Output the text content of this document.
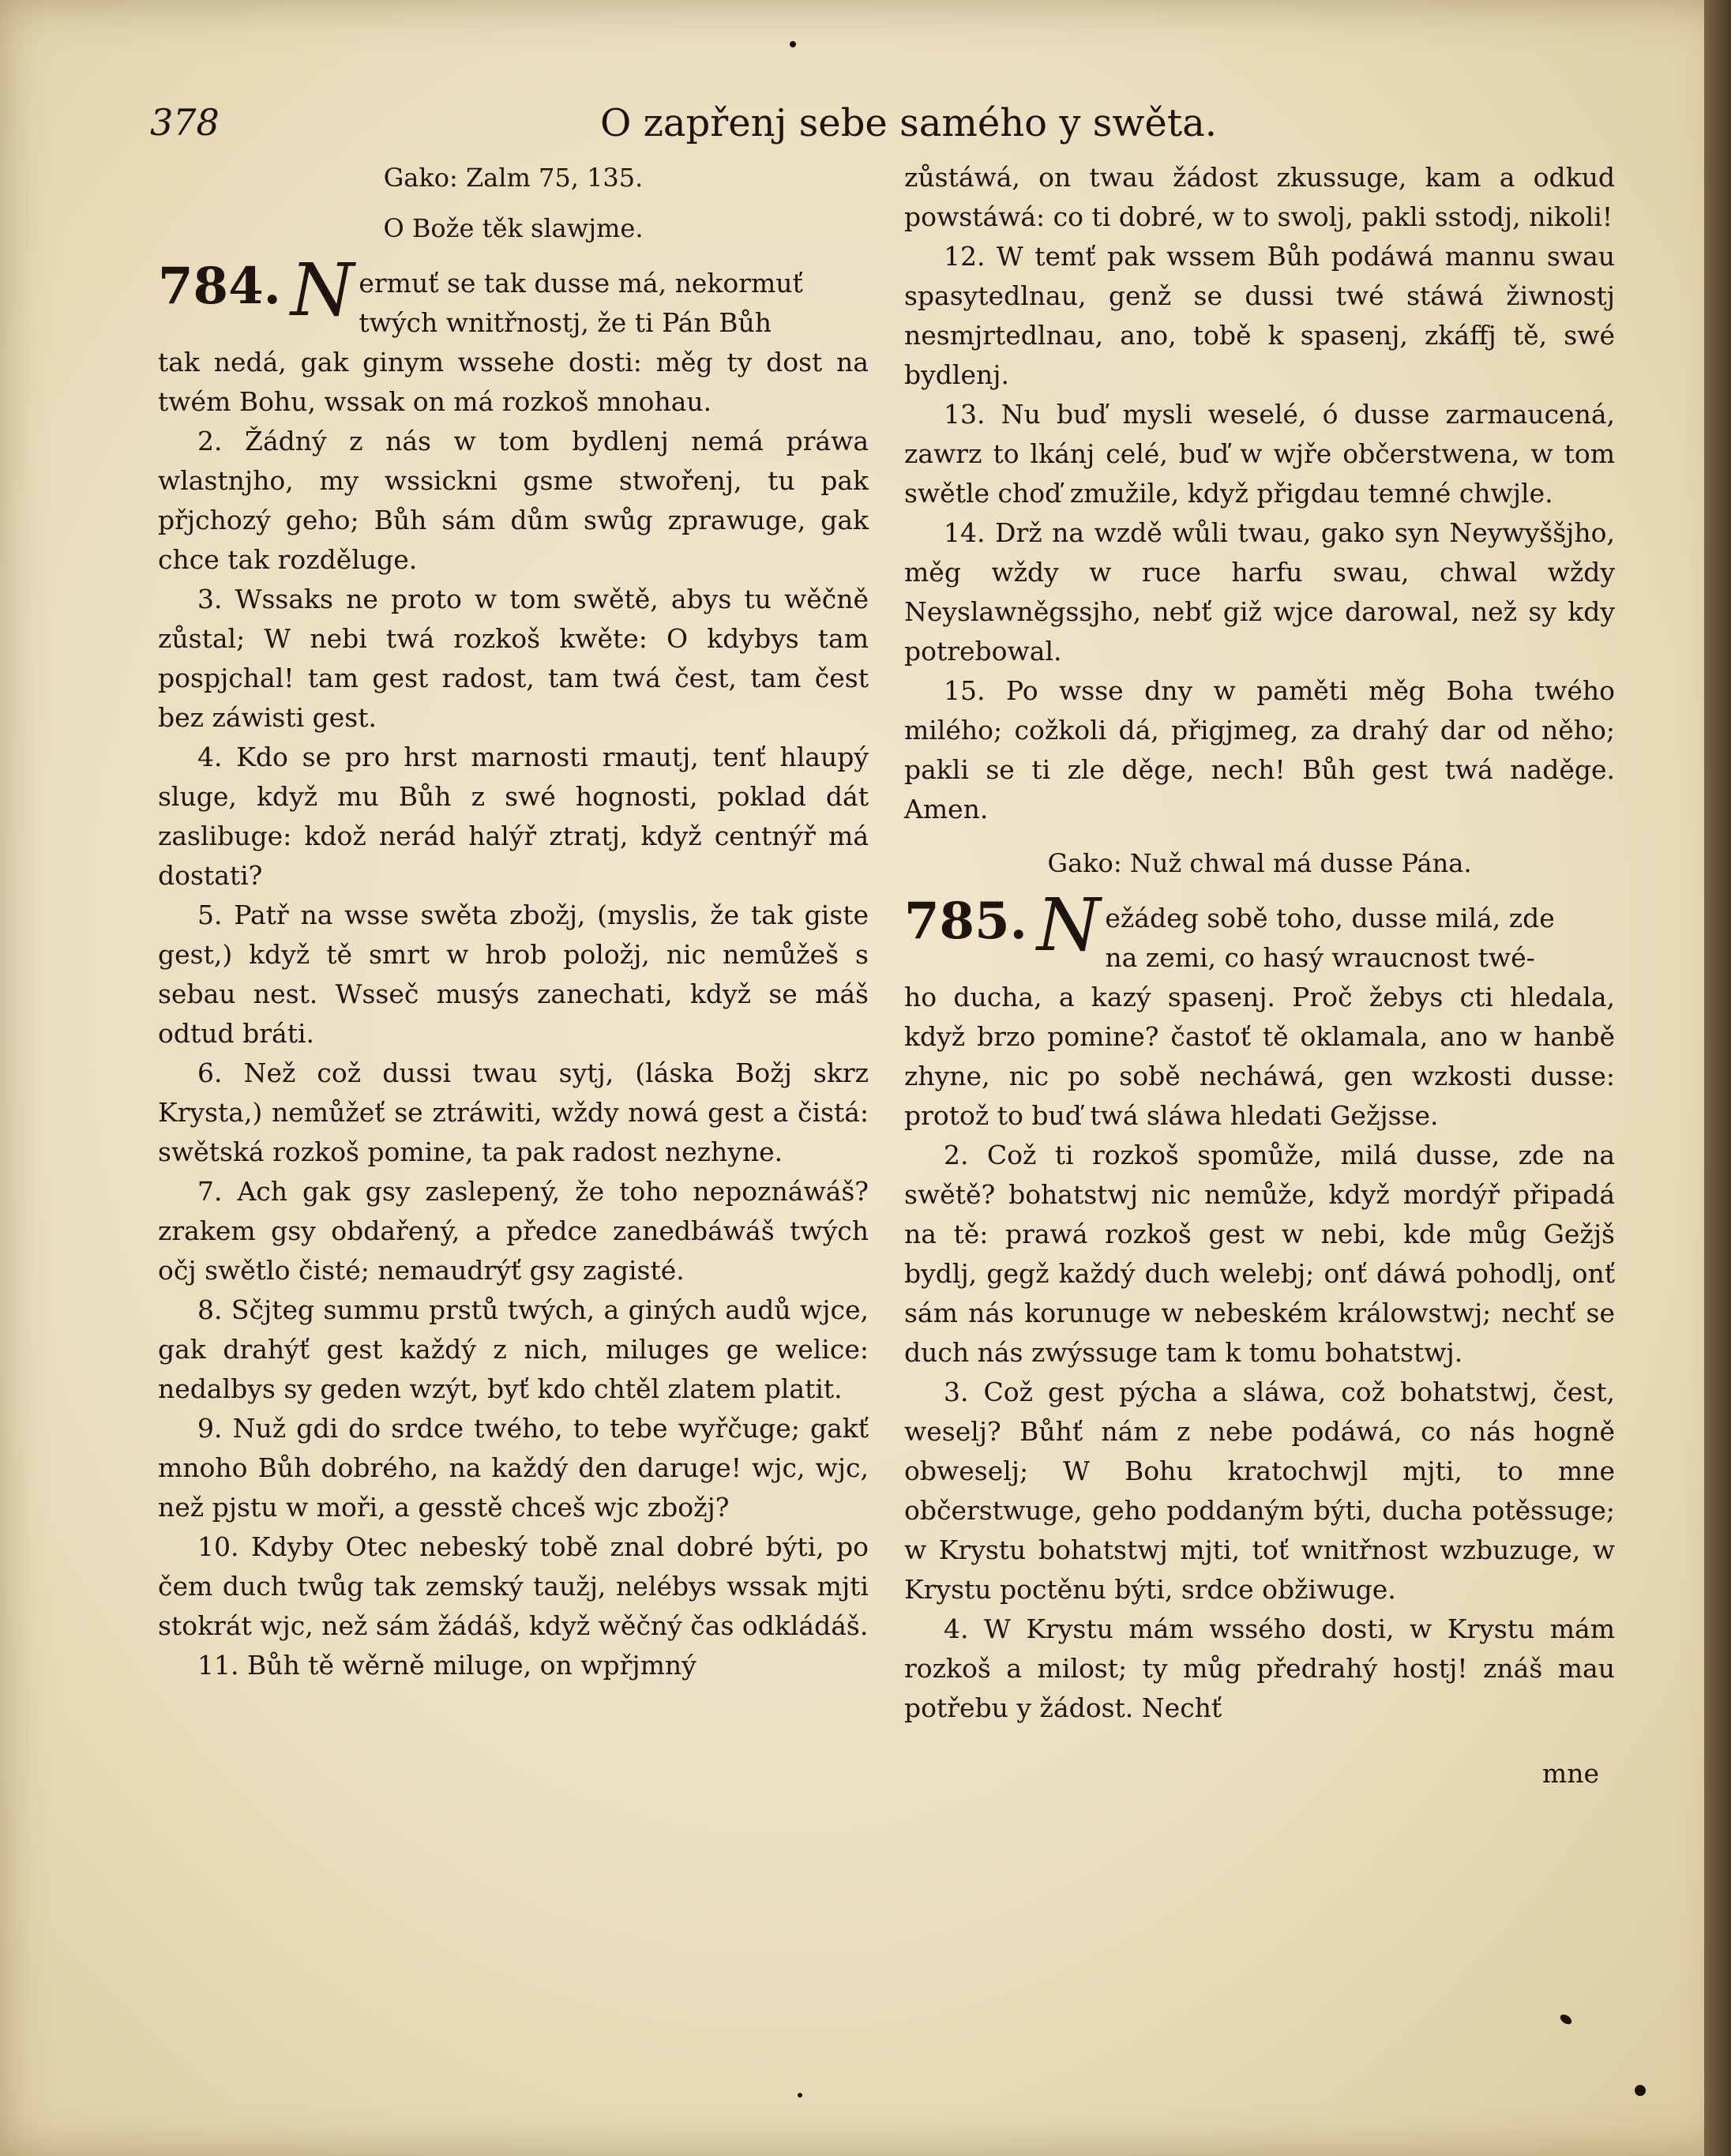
378	O zapřenj sebe samého y swěta.

Gako: Zalm 75, 135.

O Bože těk slawjme.

784. N ermuť se tak dusse má, nekormuť
twých wnitřnostj, že ti Pán Bůh

tak nedá, gak ginym wssehe dosti: měg ty dost na twém Bohu, wssak on má rozkoš mnohau.

2. Žádný z nás w tom bydlenj nemá práwa wlastnjho, my wssickni gsme stwořenj, tu pak přjchozý geho; Bůh sám dům swůg zprawuge, gak chce tak rozděluge.

3. Wssaks ne proto w tom swětě, abys tu wěčně zůstal; W nebi twá rozkoš kwěte: O kdybys tam pospjchal! tam gest radost, tam twá čest, tam čest bez záwisti gest.

4. Kdo se pro hrst marnosti rmautj, tenť hlaupý sluge, když mu Bůh z swé hognosti, poklad dát zaslibuge: kdož nerád halýř ztratj, když centnýř má dostati?

5. Patř na wsse swěta zbožj, (myslis, že tak giste gest,) když tě smrt w hrob položj, nic nemůžeš s sebau nest. Wsseč musýs zanechati, když se máš odtud bráti.

6. Než což dussi twau sytj, (láska Božj skrz Krysta,) nemůžeť se ztráwiti, wždy nowá gest a čistá: swětská rozkoš pomine, ta pak radost nezhyne.

7. Ach gak gsy zaslepený, že toho nepoznáwáš? zrakem gsy obdařený, a předce zanedbáwáš twých očj swětlo čisté; nemaudrýť gsy zagisté.

8. Sčjteg summu prstů twých, a giných audů wjce, gak drahýť gest každý z nich, miluges ge welice: nedalbys sy geden wzýt, byť kdo chtěl zlatem platit.

9. Nuž gdi do srdce twého, to tebe wyřčuge; gakť mnoho Bůh dobrého, na každý den daruge! wjc, wjc, než pjstu w moři, a gesstě chceš wjc zbožj?

10. Kdyby Otec nebeský tobě znal dobré býti, po čem duch twůg tak zemský taužj, nelébys wssak mjti stokrát wjc, než sám žádáš, když wěčný čas odkládáš.

11. Bůh tě wěrně miluge, on wpřjmný

zůstáwá, on twau žádost zkussuge, kam a odkud powstáwá: co ti dobré, w to swolj, pakli sstodj, nikoli!

12. W temť pak wssem Bůh podáwá mannu swau spasytedlnau, genž se dussi twé stáwá žiwnostj nesmjrtedlnau, ano, tobě k spasenj, zkáffj tě, swé bydlenj.

13. Nu buď mysli weselé, ó dusse zarmaucená, zawrz to lkánj celé, buď w wjře občerstwena, w tom swětle choď zmužile, když přigdau temné chwjle.

14. Drž na wzdě wůli twau, gako syn Neywyššjho, měg wždy w ruce harfu swau, chwal wždy Neyslawněgssjho, nebť giž wjce darowal, než sy kdy potrebowal.

15. Po wsse dny w paměti měg Boha twého milého; cožkoli dá, přigjmeg, za drahý dar od něho; pakli se ti zle děge, nech! Bůh gest twá naděge. Amen.

Gako: Nuž chwal má dusse Pána.

785. N ežádeg sobě toho, dusse milá, zde
na zemi, co hasý wraucnost twé-

ho ducha, a kazý spasenj. Proč žebys cti hledala, když brzo pomine? častoť tě oklamala, ano w hanbě zhyne, nic po sobě necháwá, gen wzkosti dusse: protož to buď twá sláwa hledati Gežjsse.

2. Což ti rozkoš spomůže, milá dusse, zde na swětě? bohatstwj nic nemůže, když mordýř připadá na tě: prawá rozkoš gest w nebi, kde můg Gežjš bydlj, gegž každý duch welebj; onť dáwá pohodlj, onť sám nás korunuge w nebeském králowstwj; nechť se duch nás zwýssuge tam k tomu bohatstwj.

3. Což gest pýcha a sláwa, což bohatstwj, čest, weselj? Bůhť nám z nebe podáwá, co nás hogně obweselj; W Bohu kratochwjl mjti, to mne občerstwuge, geho poddaným býti, ducha potěssuge; w Krystu bohatstwj mjti, toť wnitřnost wzbuzuge, w Krystu poctěnu býti, srdce obžiwuge.

4. W Krystu mám wssého dosti, w Krystu mám rozkoš a milost; ty můg předrahý hostj! znáš mau potřebu y žádost. Nechť

mne
